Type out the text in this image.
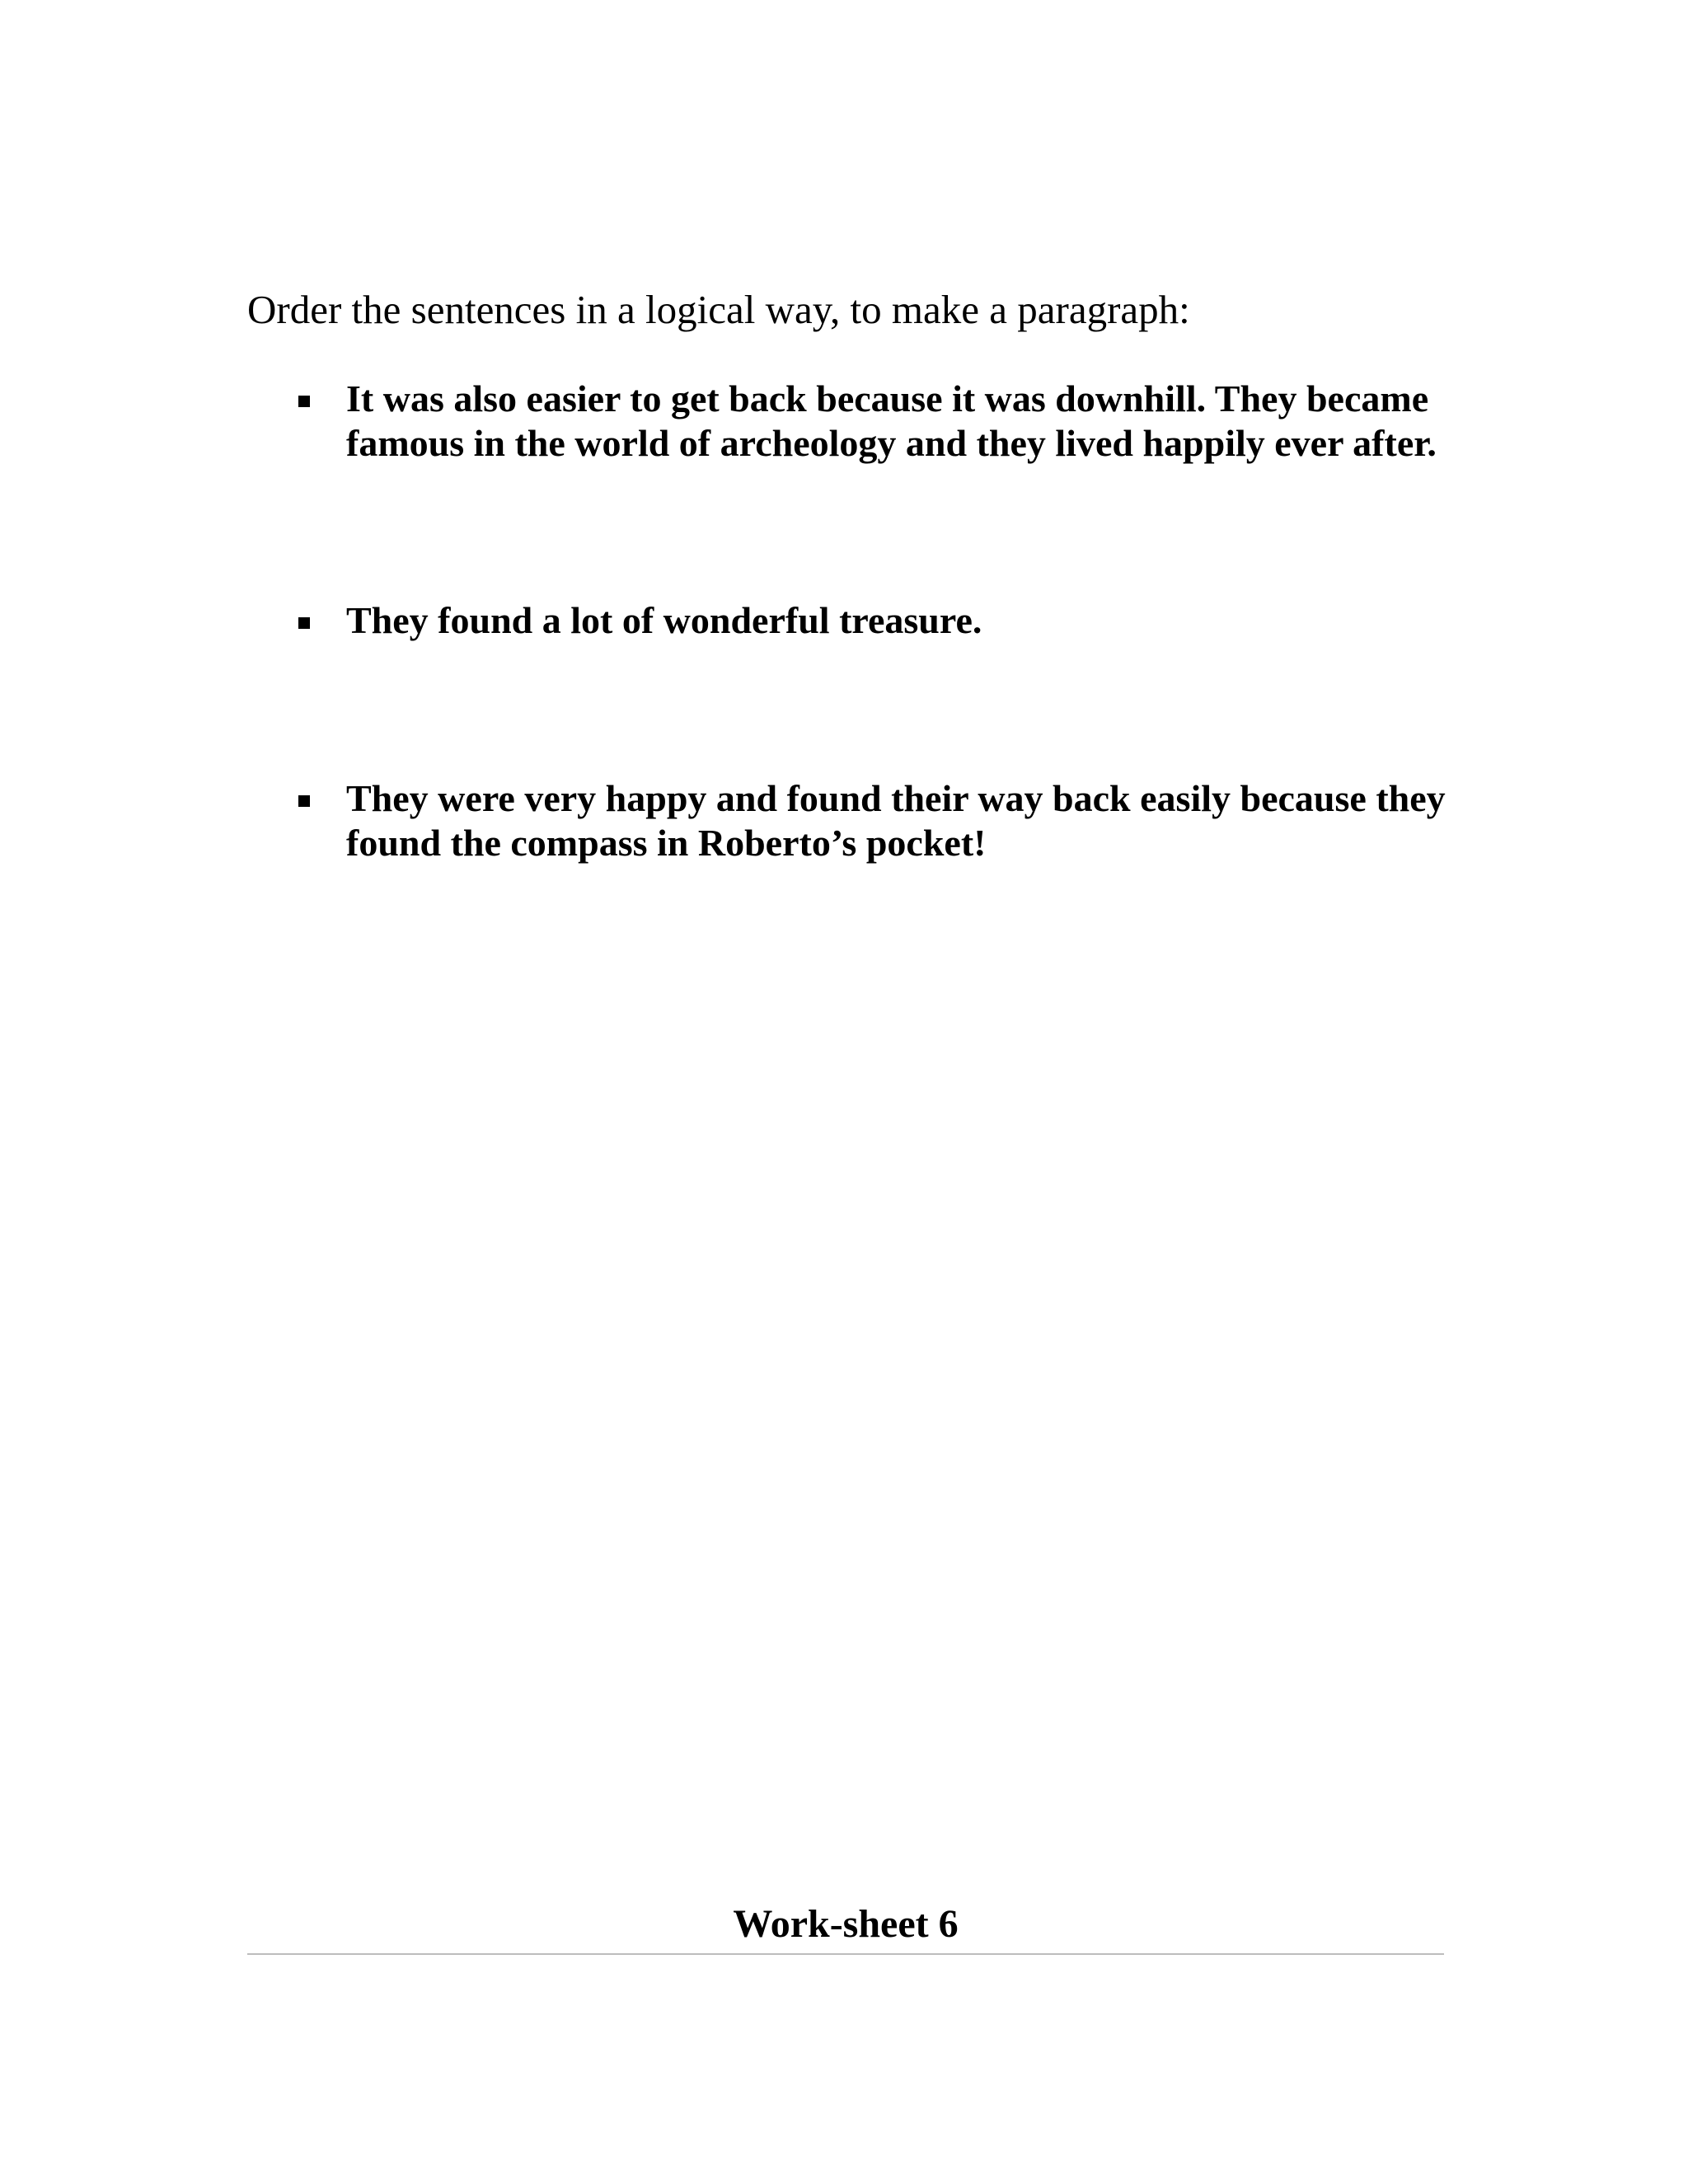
Order the sentences in a logical way, to make a paragraph:

It was also easier to get back because it was downhill. They became famous in the world of archeology and they lived happily ever after.

They found a lot of wonderful treasure.

They were very happy and found their way back easily because they found the compass in Roberto’s pocket!

Work-sheet 6
